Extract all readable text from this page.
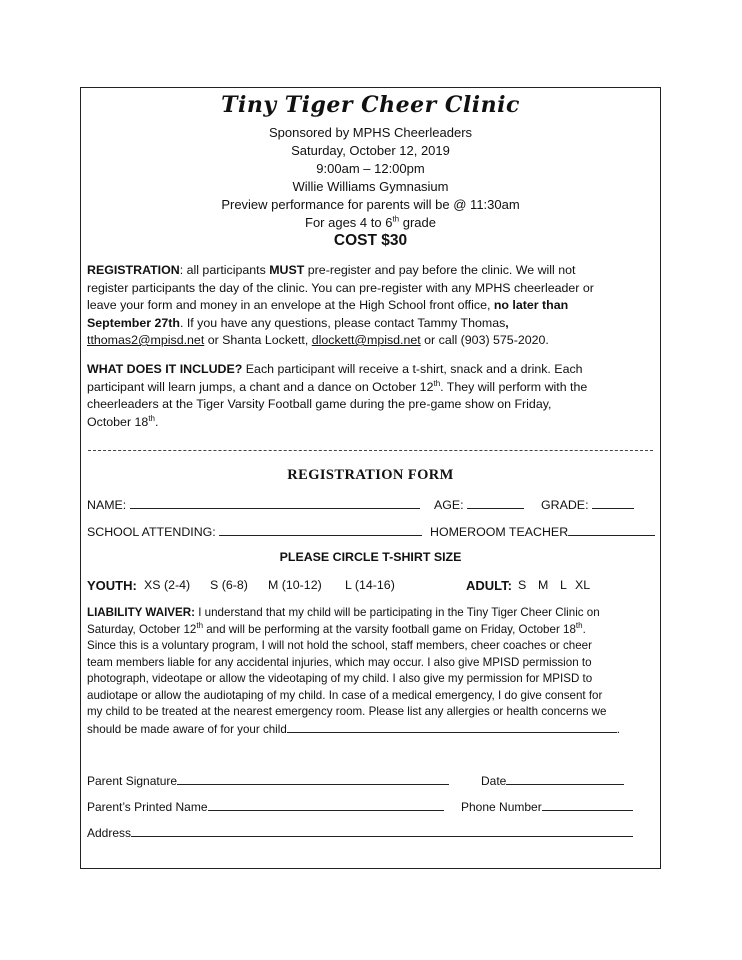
Tiny Tiger Cheer Clinic
Sponsored by MPHS Cheerleaders
Saturday, October 12, 2019
9:00am – 12:00pm
Willie Williams Gymnasium
Preview performance for parents will be @ 11:30am
For ages 4 to 6th grade
COST $30
REGISTRATION: all participants MUST pre-register and pay before the clinic. We will not
register participants the day of the clinic. You can pre-register with any MPHS cheerleader or
leave your form and money in an envelope at the High School front office, no later than
September 27th. If you have any questions, please contact Tammy Thomas,
tthomas2@mpisd.net or Shanta Lockett, dlockett@mpisd.net or call (903) 575-2020.
WHAT DOES IT INCLUDE? Each participant will receive a t-shirt, snack and a drink. Each
participant will learn jumps, a chant and a dance on October 12th. They will perform with the
cheerleaders at the Tiger Varsity Football game during the pre-game show on Friday,
October 18th.
REGISTRATION FORM
NAME:	AGE:	GRADE:
SCHOOL ATTENDING:	HOMEROOM TEACHER
PLEASE CIRCLE T-SHIRT SIZE
YOUTH: XS (2-4) S (6-8) M (10-12) L (14-16)	ADULT: S M L XL
LIABILITY WAIVER: I understand that my child will be participating in the Tiny Tiger Cheer Clinic on
Saturday, October 12th and will be performing at the varsity football game on Friday, October 18th.
Since this is a voluntary program, I will not hold the school, staff members, cheer coaches or cheer
team members liable for any accidental injuries, which may occur. I also give MPISD permission to
photograph, videotape or allow the videotaping of my child. I also give my permission for MPISD to
audiotape or allow the audiotaping of my child. In case of a medical emergency, I do give consent for
my child to be treated at the nearest emergency room. Please list any allergies or health concerns we
should be made aware of for your child	.
Parent Signature	Date
Parent’s Printed Name	Phone Number
Address
